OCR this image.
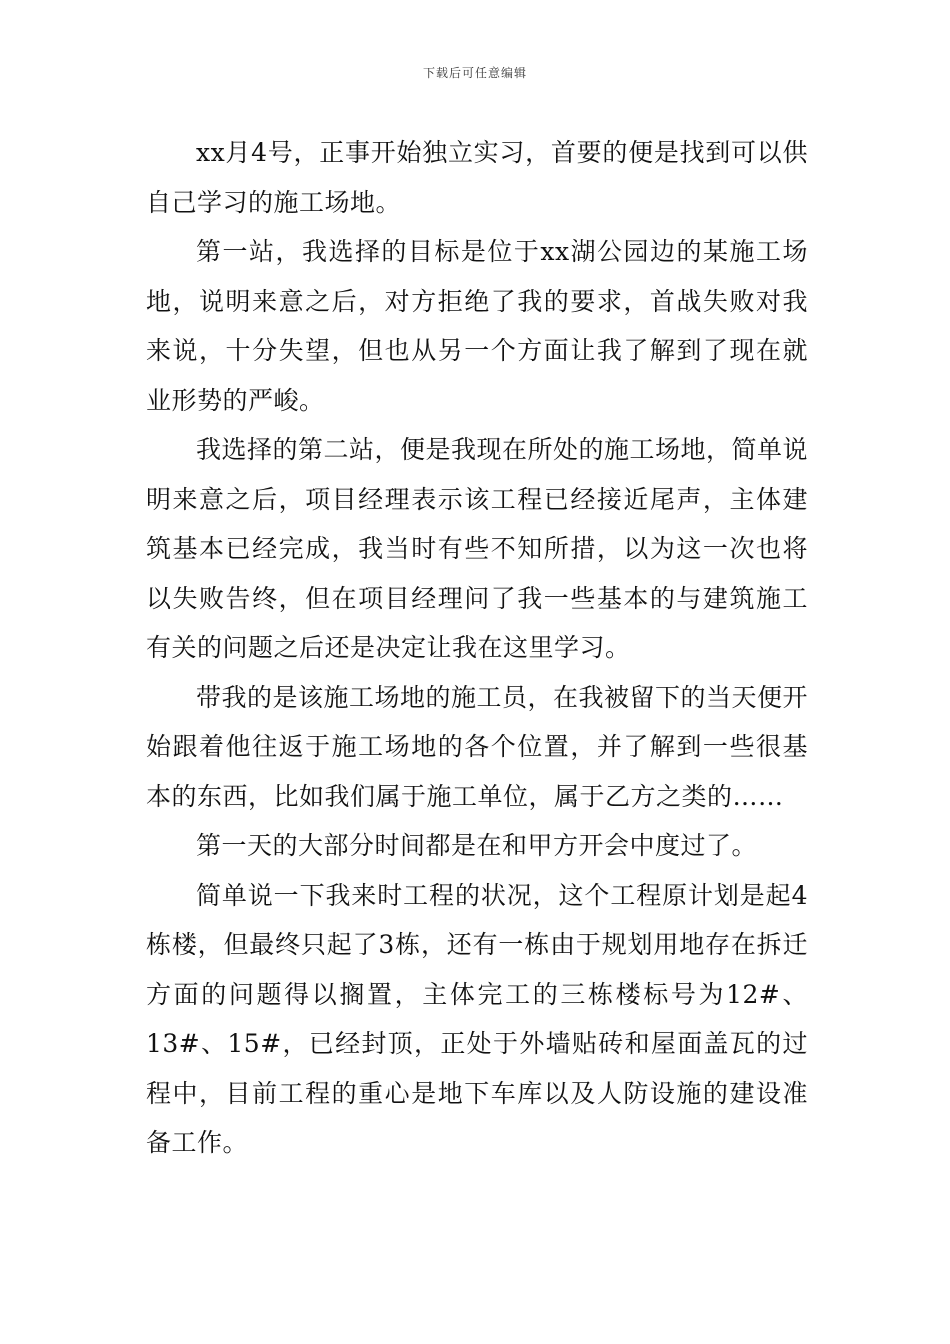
下载后可任意编辑

xx月4号，正事开始独立实习，首要的便是找到可以供自己学习的施工场地。

第一站，我选择的目标是位于xx湖公园边的某施工场地，说明来意之后，对方拒绝了我的要求，首战失败对我来说，十分失望，但也从另一个方面让我了解到了现在就业形势的严峻。

我选择的第二站，便是我现在所处的施工场地，简单说明来意之后，项目经理表示该工程已经接近尾声，主体建筑基本已经完成，我当时有些不知所措，以为这一次也将以失败告终，但在项目经理问了我一些基本的与建筑施工有关的问题之后还是决定让我在这里学习。

带我的是该施工场地的施工员，在我被留下的当天便开始跟着他往返于施工场地的各个位置，并了解到一些很基本的东西，比如我们属于施工单位，属于乙方之类的……

第一天的大部分时间都是在和甲方开会中度过了。

简单说一下我来时工程的状况，这个工程原计划是起4栋楼，但最终只起了3栋，还有一栋由于规划用地存在拆迁方面的问题得以搁置，主体完工的三栋楼标号为12#、13#、15#，已经封顶，正处于外墙贴砖和屋面盖瓦的过程中，目前工程的重心是地下车库以及人防设施的建设准备工作。
